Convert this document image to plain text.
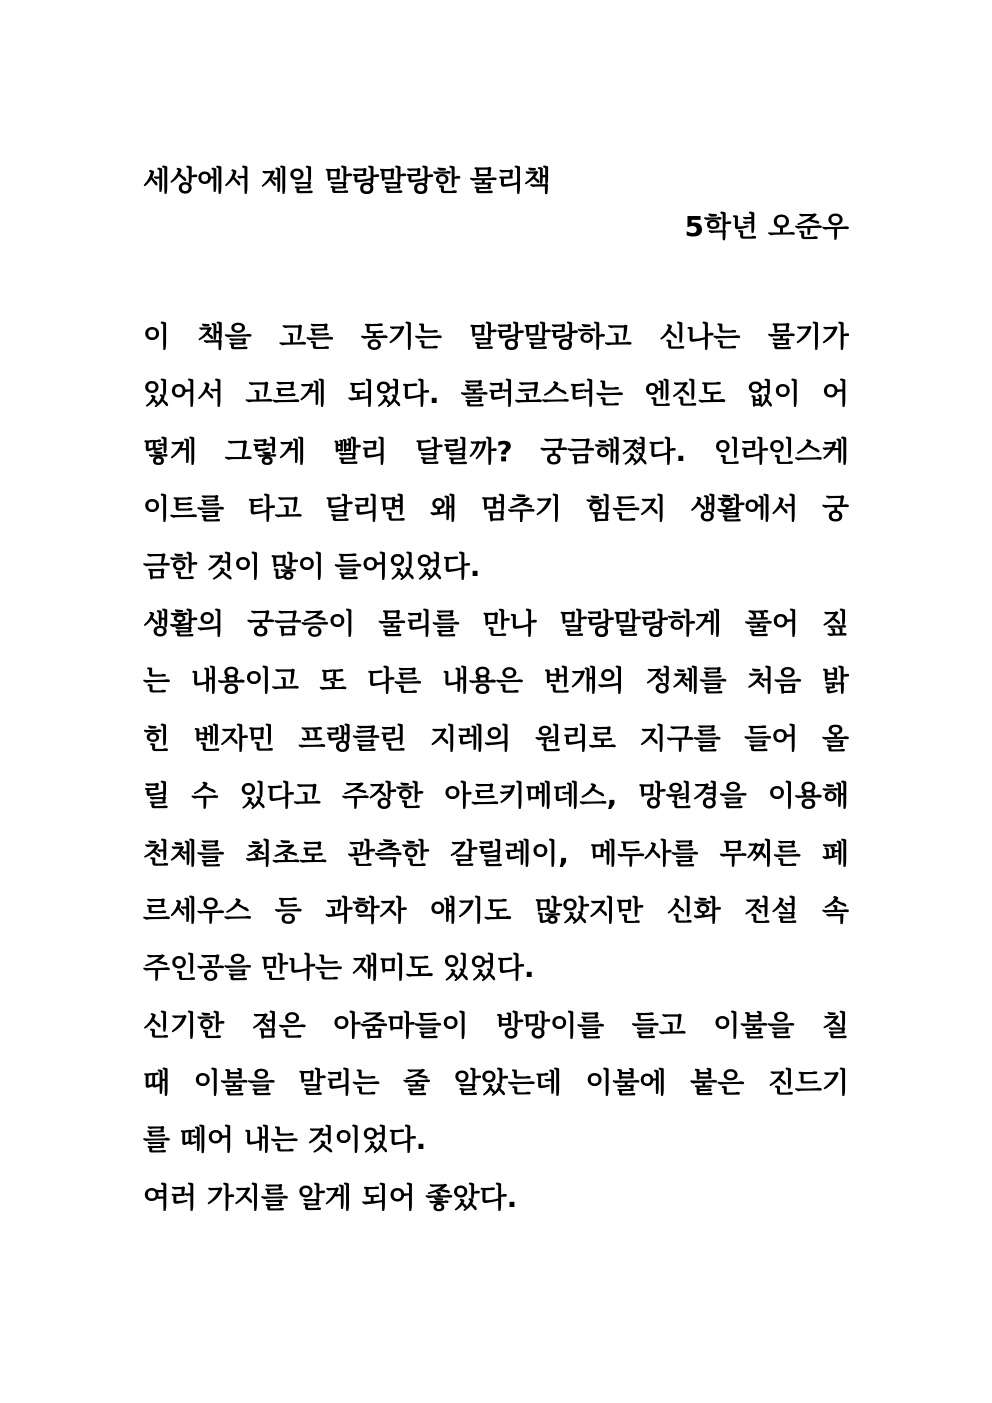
세상에서 제일 말랑말랑한 물리책

5학년 오준우

이 책을 고른 동기는 말랑말랑하고 신나는 물기가

있어서 고르게 되었다. 롤러코스터는 엔진도 없이 어

떻게 그렇게 빨리 달릴까? 궁금해졌다. 인라인스케

이트를 타고 달리면 왜 멈추기 힘든지 생활에서 궁

금한 것이 많이 들어있었다.

생활의 궁금증이 물리를 만나 말랑말랑하게 풀어 짚

는 내용이고 또 다른 내용은 번개의 정체를 처음 밝

힌 벤자민 프랭클린 지레의 원리로 지구를 들어 올

릴 수 있다고 주장한 아르키메데스, 망원경을 이용해

천체를 최초로 관측한 갈릴레이, 메두사를 무찌른 페

르세우스 등 과학자 얘기도 많았지만 신화 전설 속

주인공을 만나는 재미도 있었다.

신기한 점은 아줌마들이 방망이를 들고 이불을 칠

때 이불을 말리는 줄 알았는데 이불에 붙은 진드기

를 떼어 내는 것이었다.

여러 가지를 알게 되어 좋았다.
